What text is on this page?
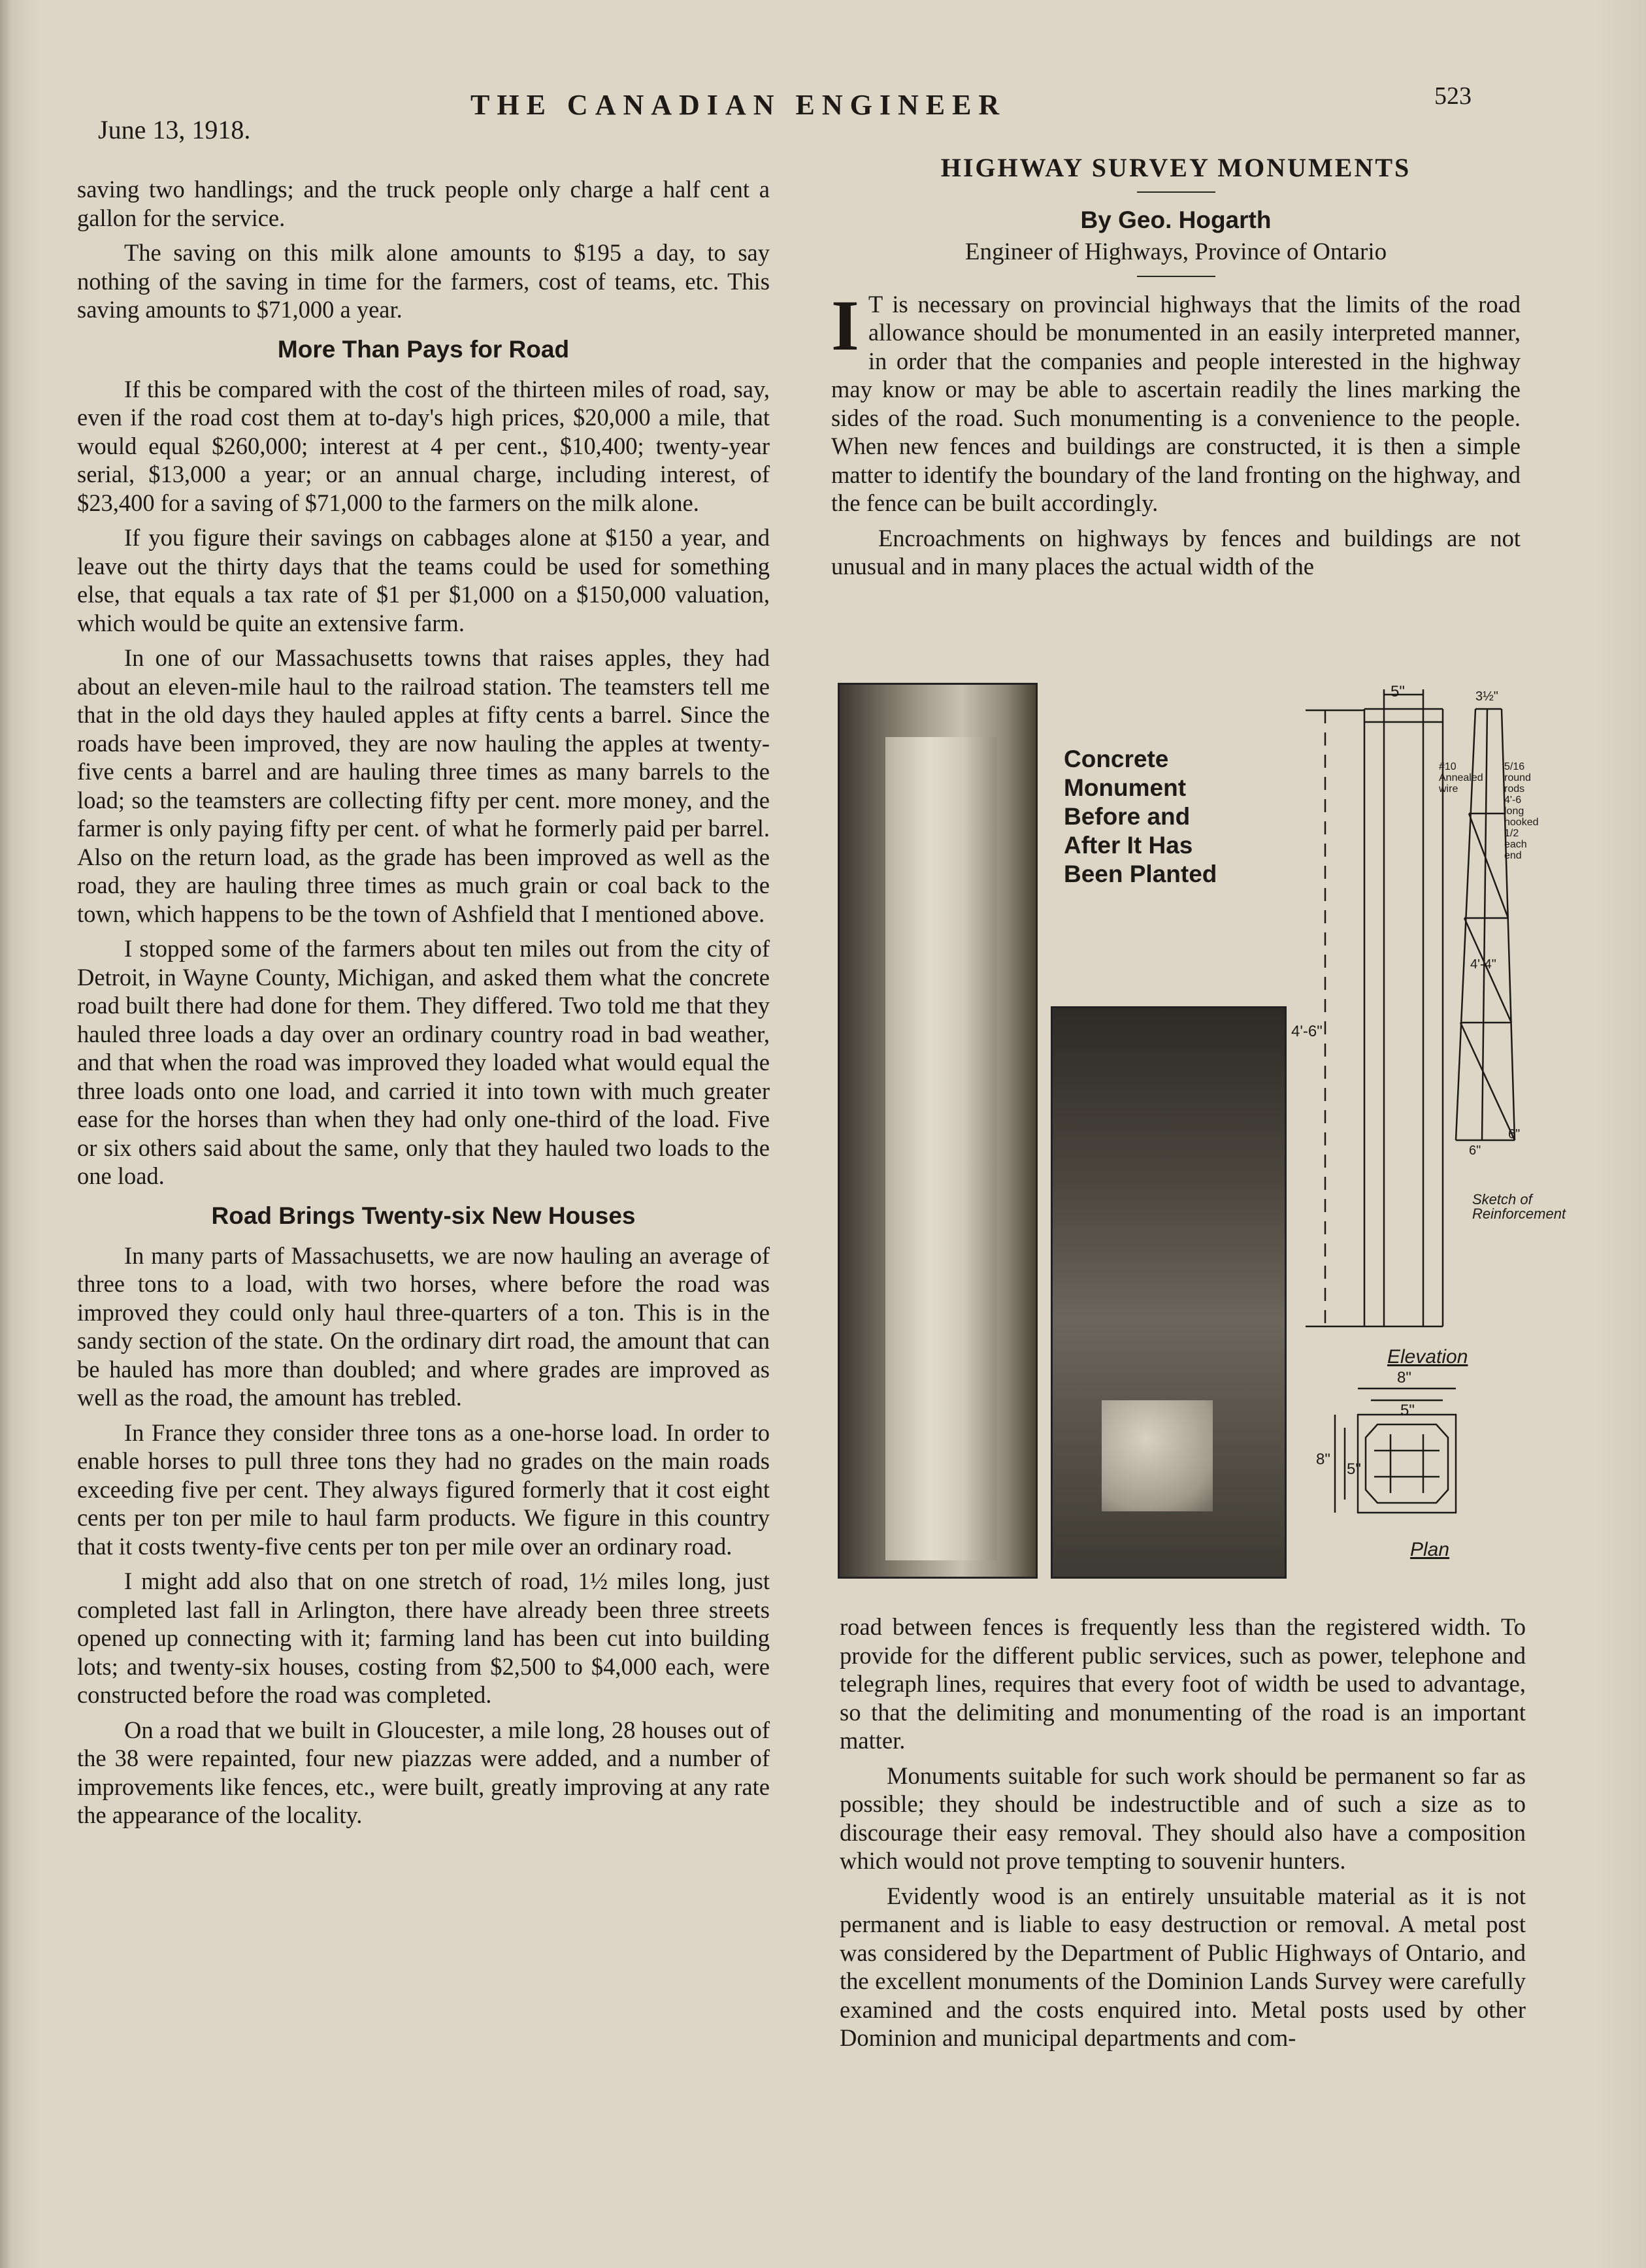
June 13, 1918.
THE CANADIAN ENGINEER	523

saving two handlings; and the truck people only charge a half cent a gallon for the service.

The saving on this milk alone amounts to $195 a day, to say nothing of the saving in time for the farmers, cost of teams, etc. This saving amounts to $71,000 a year.

More Than Pays for Road

If this be compared with the cost of the thirteen miles of road, say, even if the road cost them at to-day's high prices, $20,000 a mile, that would equal $260,000; interest at 4 per cent., $10,400; twenty-year serial, $13,000 a year; or an annual charge, including interest, of $23,400 for a saving of $71,000 to the farmers on the milk alone.

If you figure their savings on cabbages alone at $150 a year, and leave out the thirty days that the teams could be used for something else, that equals a tax rate of $1 per $1,000 on a $150,000 valuation, which would be quite an extensive farm.

In one of our Massachusetts towns that raises apples, they had about an eleven-mile haul to the railroad station. The teamsters tell me that in the old days they hauled apples at fifty cents a barrel. Since the roads have been improved, they are now hauling the apples at twenty-five cents a barrel and are hauling three times as many barrels to the load; so the teamsters are collecting fifty per cent. more money, and the farmer is only paying fifty per cent. of what he formerly paid per barrel. Also on the return load, as the grade has been improved as well as the road, they are hauling three times as much grain or coal back to the town, which happens to be the town of Ashfield that I mentioned above.

I stopped some of the farmers about ten miles out from the city of Detroit, in Wayne County, Michigan, and asked them what the concrete road built there had done for them. They differed. Two told me that they hauled three loads a day over an ordinary country road in bad weather, and that when the road was improved they loaded what would equal the three loads onto one load, and carried it into town with much greater ease for the horses than when they had only one-third of the load. Five or six others said about the same, only that they hauled two loads to the one load.

Road Brings Twenty-six New Houses

In many parts of Massachusetts, we are now hauling an average of three tons to a load, with two horses, where before the road was improved they could only haul three-quarters of a ton. This is in the sandy section of the state. On the ordinary dirt road, the amount that can be hauled has more than doubled; and where grades are improved as well as the road, the amount has trebled.

In France they consider three tons as a one-horse load. In order to enable horses to pull three tons they had no grades on the main roads exceeding five per cent. They always figured formerly that it cost eight cents per ton per mile to haul farm products. We figure in this country that it costs twenty-five cents per ton per mile over an ordinary road.

I might add also that on one stretch of road, 1½ miles long, just completed last fall in Arlington, there have already been three streets opened up connecting with it; farming land has been cut into building lots; and twenty-six houses, costing from $2,500 to $4,000 each, were constructed before the road was completed.

On a road that we built in Gloucester, a mile long, 28 houses out of the 38 were repainted, four new piazzas were added, and a number of improvements like fences, etc., were built, greatly improving at any rate the appearance of the locality.

HIGHWAY SURVEY MONUMENTS
By Geo. Hogarth
Engineer of Highways, Province of Ontario

I T is necessary on provincial highways that the limits of the road allowance should be monumented in an easily interpreted manner, in order that the companies and people interested in the highway may know or may be able to ascertain readily the lines marking the sides of the road. Such monumenting is a convenience to the people. When new fences and buildings are constructed, it is then a simple matter to identify the boundary of the land fronting on the highway, and the fence can be built accordingly.

Encroachments on highways by fences and buildings are not unusual and in many places the actual width of the

Concrete Monument Before and After It Has Been Planted
5"
4'-6"
3½"
4'-4"
6"
6"
#10 Annealed wire
5/16 round rods 4'-6 long hooked 1/2 each end
Sketch of
Reinforcement
Elevation
8"
5"
8"
5"
Plan

road between fences is frequently less than the registered width. To provide for the different public services, such as power, telephone and telegraph lines, requires that every foot of width be used to advantage, so that the delimiting and monumenting of the road is an important matter.

Monuments suitable for such work should be permanent so far as possible; they should be indestructible and of such a size as to discourage their easy removal. They should also have a composition which would not prove tempting to souvenir hunters.

Evidently wood is an entirely unsuitable material as it is not permanent and is liable to easy destruction or removal. A metal post was considered by the Department of Public Highways of Ontario, and the excellent monuments of the Dominion Lands Survey were carefully examined and the costs enquired into. Metal posts used by other Dominion and municipal departments and com-
